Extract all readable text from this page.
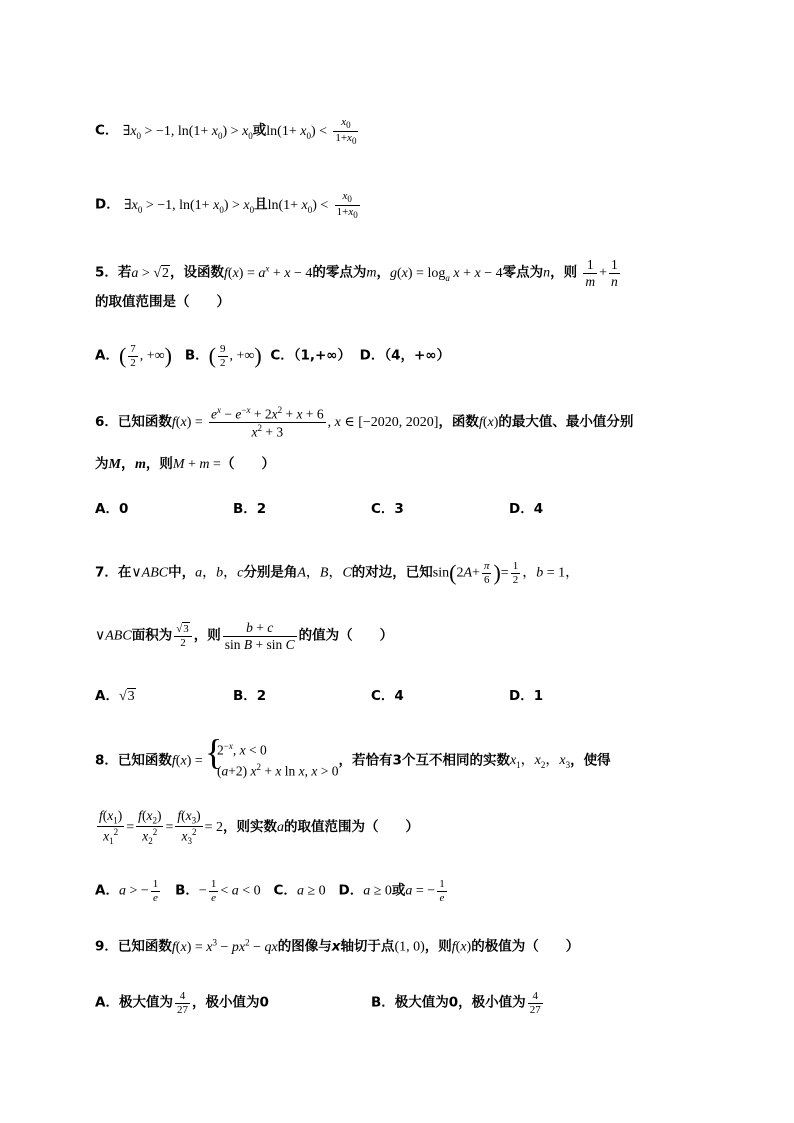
C． $\exists x_0 > -1$, $\ln(1+ x_0) > x_0$或$\ln(1+ x_0) < \frac{x_0}{1+x_0}$
D． $\exists x_0 > -1$, $\ln(1+ x_0) > x_0$且$\ln(1+ x_0) < \frac{x_0}{1+x_0}$
5．若a > √2，设函数$f(x) = a^x + x - 4$的零点为m，$g(x) = \log_a x + x - 4$零点为n，则 $\frac{1}{m} + \frac{1}{n}$
的取值范围是（　　）
A．( $\frac{7}{2}$ , +∞) B．( $\frac{9}{2}$ , +∞) C．（1,+∞） D．（4，+∞）
6．已知函数$f(x) = \frac{e^x - e^{-x} + 2x^2 + x + 6}{x^2 + 3}$ , x ∈ [−2020, 2020]，函数f(x)的最大值、最小值分别
为M，m，则M + m =（　　）
A．0	B．2	C．3	D．4
7．在∨ABC中，a，b，c分别是角A，B，C的对边，已知$\sin(2A+ \frac{\pi}{6}$ )= $\frac{1}{2}$ ，b = 1，
∨ABC面积为 $\frac{√3}{2}$ ，则 $\frac{b + c}{\text{sin B + sin C}}$ 的值为（　　）
A．√3	B．2	C．4	D．1
8．已知函数f(x) =
{ $2^{-x}$, x < 0
(a+2) $x^2 + x$ ln x, x > 0
，若恰有3个互不相同的实数$x_1$，$x_2$，$x_3$，使得
$\frac{f(x_1)}{x_1^2} = \frac{f(x_2)}{x_2^2} = \frac{f(x_3)}{x_3^2} = 2$，则实数a的取值范围为（　　）
A．a > − $\frac{1}{e}$ B．− $\frac{1}{e} < a < 0$ C．a ≥ 0 D．a ≥ 0或a = − $\frac{1}{e}$
9．已知函数$f(x) = x^3 - px^2$ − qx的图像与x轴切于点(1, 0)，则f(x)的极值为（　　）
A．极大值为 $\frac{4}{27}$ ，极小值为0	B．极大值为0，极小值为 $\frac{4}{27}$
